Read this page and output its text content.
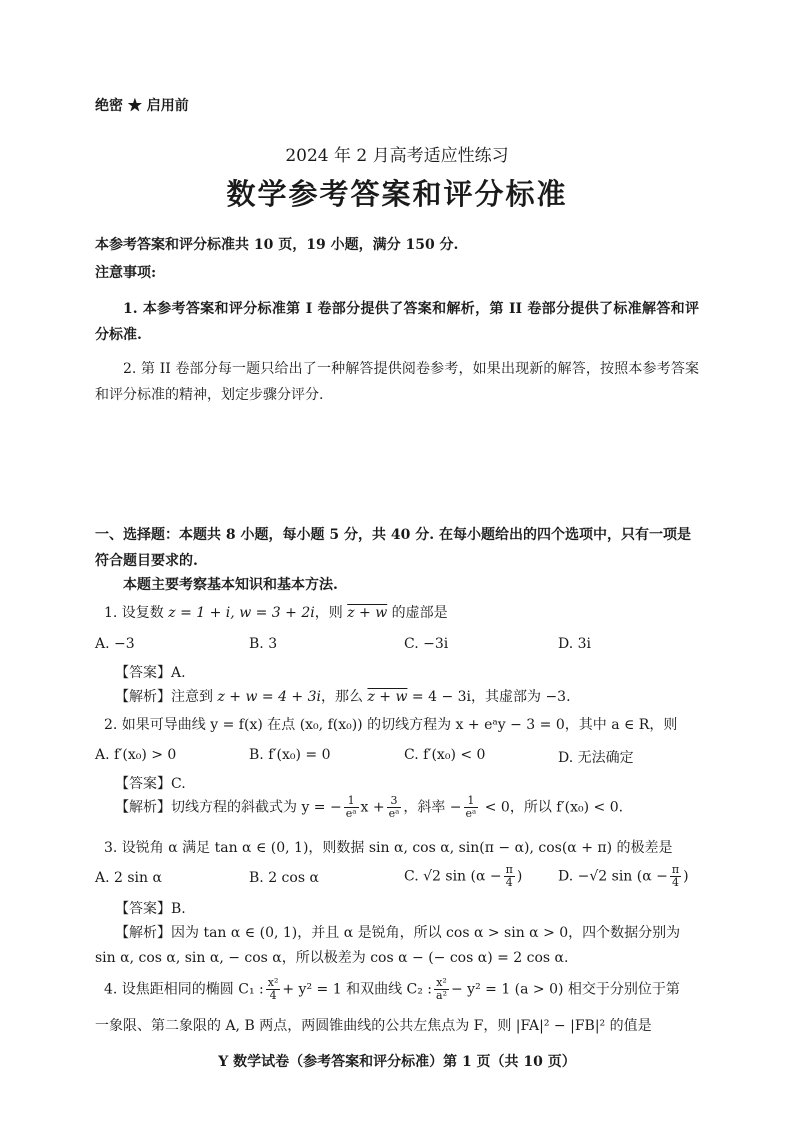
绝密 ★ 启用前
2024 年 2 月高考适应性练习
数学参考答案和评分标准
本参考答案和评分标准共 10 页，19 小题，满分 150 分.
注意事项:
1. 本参考答案和评分标准第 I 卷部分提供了答案和解析，第 II 卷部分提供了标准解答和评分标准.
2. 第 II 卷部分每一题只给出了一种解答提供阅卷参考，如果出现新的解答，按照本参考答案和评分标准的精神，划定步骤分评分.
一、选择题：本题共 8 小题，每小题 5 分，共 40 分. 在每小题给出的四个选项中，只有一项是符合题目要求的.
本题主要考察基本知识和基本方法.
1. 设复数 z = 1 + i, w = 3 + 2i，则 z + w 的虚部是
A. −3	B. 3	C. −3i	D. 3i
【答案】A.
【解析】注意到 z + w = 4 + 3i，那么 z + w = 4 − 3i，其虚部为 −3.
2. 如果可导曲线 y = f(x) 在点 (x₀, f(x₀)) 的切线方程为 x + eᵃy − 3 = 0，其中 a ∈ R，则
A. f′(x₀) > 0	B. f′(x₀) = 0	C. f′(x₀) < 0	D. 无法确定
【答案】C.
【解析】切线方程的斜截式为 y = − $\frac{1}{\text{eᵃ}}$ $x + \frac{3}{\text{eᵃ}}$ ，斜率 − $\frac{1}{\text{eᵃ}} < 0$，所以 f′(x₀) < 0.
3. 设锐角 α 满足 tan α ∈ (0, 1)，则数据 sin α, cos α, sin(π − α), cos(α + π) 的极差是
A. 2 sin α	B. 2 cos α	C. √2 $\sin (\alpha - \frac{\pi}{4}$ )	D. −√2 $\sin (\alpha - \frac{\pi}{4}$ )
【答案】B.
【解析】因为 tan α ∈ (0, 1)，并且 α 是锐角，所以 cos α > sin α > 0，四个数据分别为
sin α, cos α, sin α, − cos α，所以极差为 cos α − (− cos α) = 2 cos α.
4. 设焦距相同的椭圆 C₁ : $\frac{\text{x²}}{4} + y^2 = 1$ 和双曲线 C₂ : $\frac{\text{x²}}{\text{a²}} - y^2 = 1$ (a > 0) 相交于分别位于第
一象限、第二象限的 A, B 两点，两圆锥曲线的公共左焦点为 F，则 |FA|² − |FB|² 的值是
Y 数学试卷（参考答案和评分标准）第 1 页（共 10 页）
